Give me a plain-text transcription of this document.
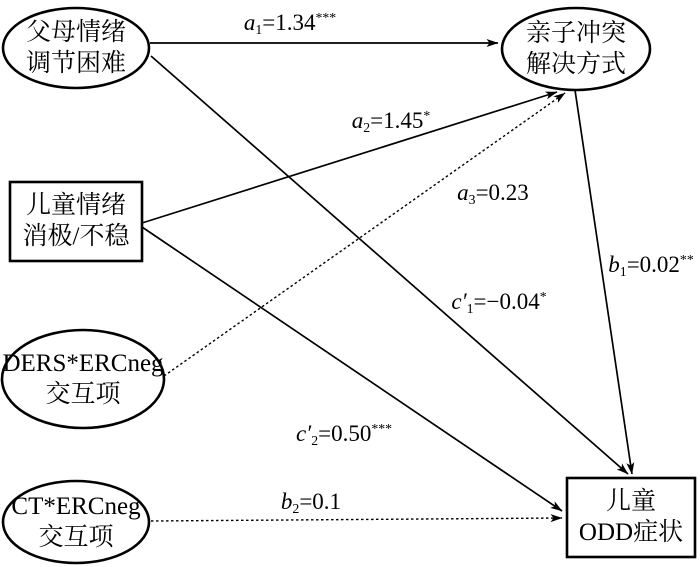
父母情绪
调节困难
亲子冲突
解决方式
儿童情绪
消极/不稳
DERS*ERCneg
交互项
CT*ERCneg
交互项
儿童
ODD症状
$a_1=1.34^{***}$
$a_2=1.45^*$
$a_3=0.23$
$b_1=0.02^{**}$
$c'_1=-0.04^*$
$c'_2=0.50^{***}$
$b_2=0.1$
